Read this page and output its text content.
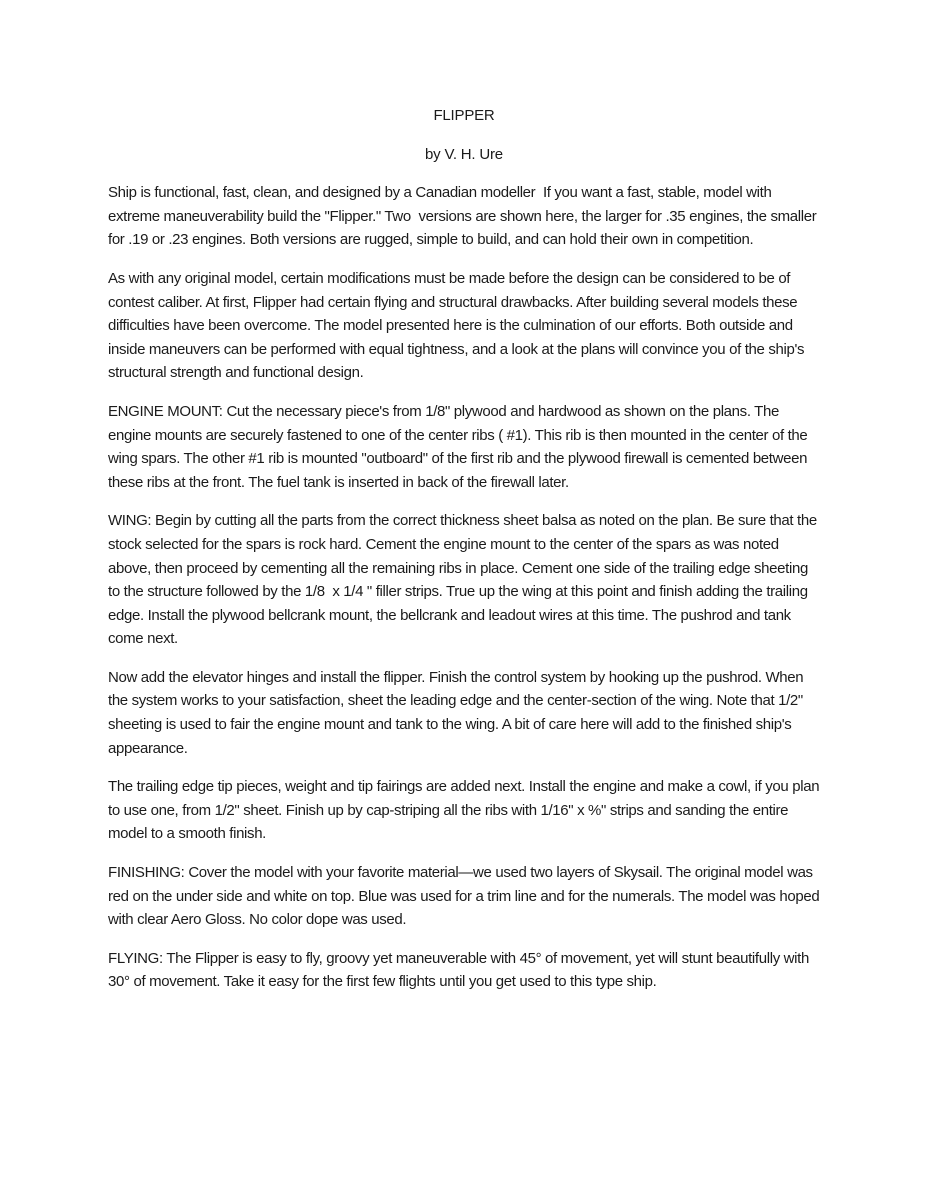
FLIPPER

by V. H. Ure

Ship is functional, fast, clean, and designed by a Canadian modeller  If you want a fast, stable, model with extreme maneuverability build the "Flipper." Two  versions are shown here, the larger for .35 engines, the smaller for .19 or .23 engines. Both versions are rugged, simple to build, and can hold their own in competition.

As with any original model, certain modifications must be made before the design can be considered to be of contest caliber. At first, Flipper had certain flying and structural drawbacks. After building several models these difficulties have been overcome. The model presented here is the culmination of our efforts. Both outside and inside maneuvers can be performed with equal tightness, and a look at the plans will convince you of the ship's structural strength and functional design.

ENGINE MOUNT: Cut the necessary piece's from 1/8" plywood and hardwood as shown on the plans. The engine mounts are securely fastened to one of the center ribs ( #1). This rib is then mounted in the center of the wing spars. The other #1 rib is mounted "outboard" of the first rib and the plywood firewall is cemented between these ribs at the front. The fuel tank is inserted in back of the firewall later.

WING: Begin by cutting all the parts from the correct thickness sheet balsa as noted on the plan. Be sure that the stock selected for the spars is rock hard. Cement the engine mount to the center of the spars as was noted above, then proceed by cementing all the remaining ribs in place. Cement one side of the trailing edge sheeting to the structure followed by the 1/8  x 1/4 " filler strips. True up the wing at this point and finish adding the trailing edge. Install the plywood bellcrank mount, the bellcrank and leadout wires at this time. The pushrod and tank come next.

Now add the elevator hinges and install the flipper. Finish the control system by hooking up the pushrod. When the system works to your satisfaction, sheet the leading edge and the center-section of the wing. Note that 1/2" sheeting is used to fair the engine mount and tank to the wing. A bit of care here will add to the finished ship's appearance.

The trailing edge tip pieces, weight and tip fairings are added next. Install the engine and make a cowl, if you plan to use one, from 1/2" sheet. Finish up by cap-striping all the ribs with 1/16" x %" strips and sanding the entire model to a smooth finish.

FINISHING: Cover the model with your favorite material—we used two layers of Skysail. The original model was red on the under side and white on top. Blue was used for a trim line and for the numerals. The model was hoped with clear Aero Gloss. No color dope was used.

FLYING: The Flipper is easy to fly, groovy yet maneuverable with 45° of movement, yet will stunt beautifully with 30° of movement. Take it easy for the first few flights until you get used to this type ship.
